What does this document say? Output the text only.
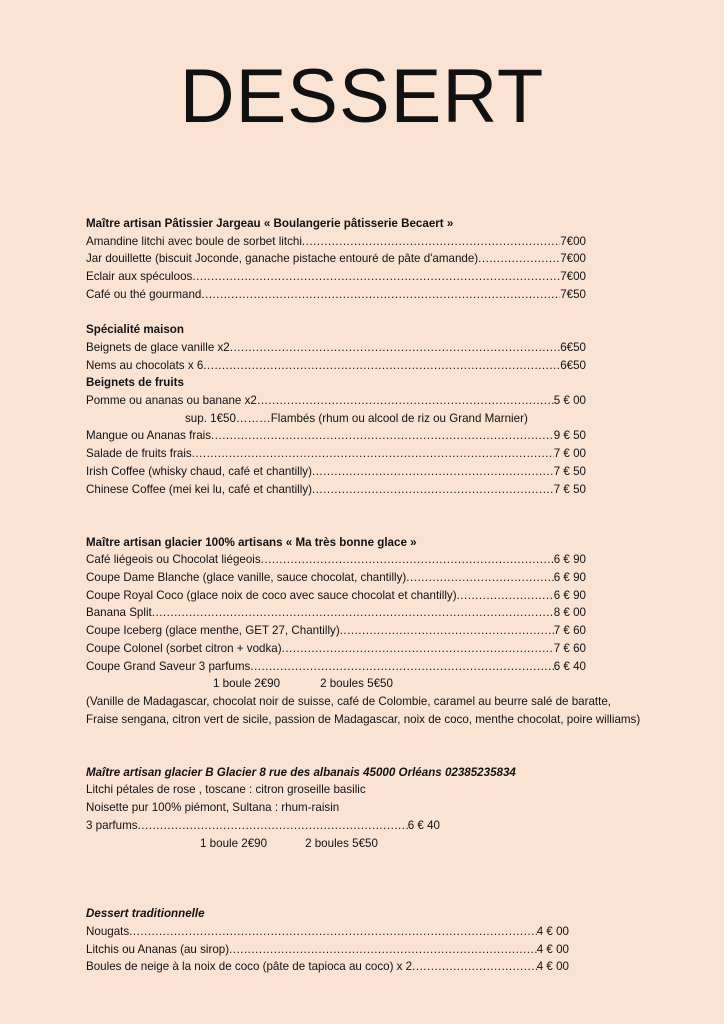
DESSERT
Maître artisan Pâtissier Jargeau « Boulangerie pâtisserie Becaert »
Amandine litchi avec boule de sorbet litchi .....	7€00
Jar douillette (biscuit Joconde, ganache pistache entouré de pâte d'amande) .....	7€00
Eclair aux spéculoos .....	7€00
Café ou thé gourmand .....	7€50
Spécialité maison
Beignets de glace vanille x2 .....	6€50
Nems au chocolats x 6 .....	6€50
Beignets de fruits
Pomme ou ananas ou banane x2… .....	5 € 00
sup. 1€50………Flambés (rhum ou alcool de riz ou Grand Marnier)
Mangue ou Ananas frais .....	9 € 50
Salade de fruits frais .....	7 € 00
Irish Coffee (whisky chaud, café et chantilly) .....	7 € 50
Chinese Coffee (mei kei lu, café et chantilly) .....	7 € 50
Maître artisan glacier 100% artisans « Ma très bonne glace »
Café liégeois ou Chocolat liégeois .....	6 € 90
Coupe Dame Blanche (glace vanille, sauce chocolat, chantilly) .....	6 € 90
Coupe Royal Coco (glace noix de coco avec sauce chocolat et chantilly) .....	6 € 90
Banana Split .....	8 € 00
Coupe Iceberg (glace menthe, GET 27, Chantilly) .....	7 € 60
Coupe Colonel (sorbet citron + vodka) .....	7 € 60
Coupe Grand Saveur 3 parfums .....	6 € 40
1 boule 2€90	2 boules 5€50
(Vanille de Madagascar, chocolat noir de suisse, café de Colombie, caramel au beurre salé de baratte, Fraise sengana, citron vert de sicile, passion de Madagascar, noix de coco, menthe chocolat, poire williams)
Maître artisan glacier B Glacier 8 rue des albanais 45000 Orléans 02385235834
Litchi pétales de rose , toscane : citron groseille basilic
Noisette pur 100% piémont, Sultana : rhum-raisin
3 parfums .....	6 € 40
1 boule 2€90	2 boules 5€50
Dessert traditionnelle
Nougats .....	4 € 00
Litchis ou Ananas (au sirop) .....	4 € 00
Boules de neige à la noix de coco (pâte de tapioca au coco) x 2 .....	4 € 00
